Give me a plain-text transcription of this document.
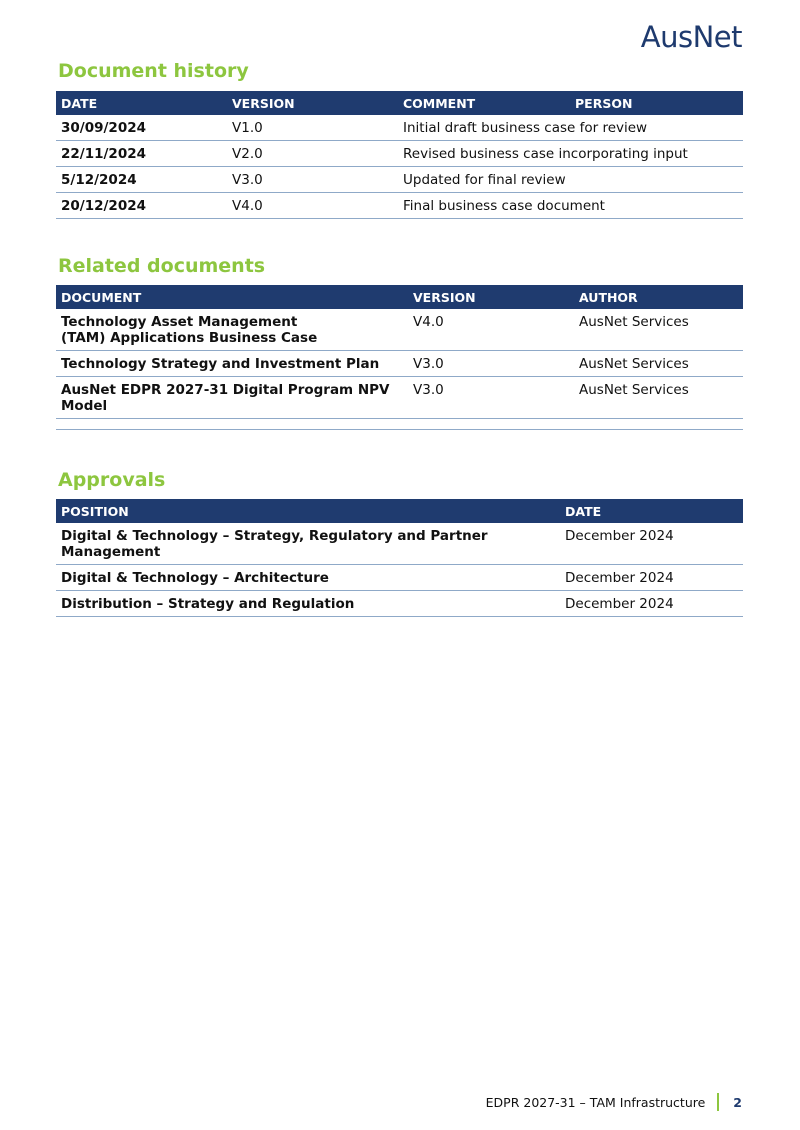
AusNet
Document history
DATE	VERSION	COMMENT	PERSON
30/09/2024	V1.0	Initial draft business case for review	
22/11/2024	V2.0	Revised business case incorporating input	
5/12/2024	V3.0	Updated for final review	
20/12/2024	V4.0	Final business case document	
Related documents
DOCUMENT	VERSION	AUTHOR
Technology Asset Management (TAM) Applications Business Case	V4.0	AusNet Services
Technology Strategy and Investment Plan	V3.0	AusNet Services
AusNet EDPR 2027-31 Digital Program NPV Model	V3.0	AusNet Services
Approvals
POSITION	DATE
Digital & Technology – Strategy, Regulatory and Partner Management	December 2024
Digital & Technology – Architecture	December 2024
Distribution – Strategy and Regulation	December 2024
EDPR 2027-31 – TAM Infrastructure 2
